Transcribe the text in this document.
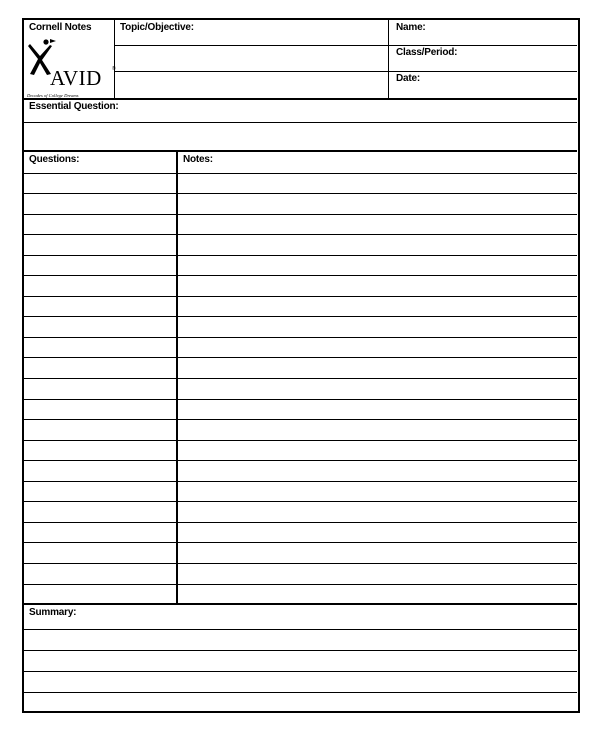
Cornell Notes	Topic/Objective:	Name:
Class/Period:
Date:
AVID ®
Decades of College Dreams
Essential Question:
Questions:	Notes:
Summary:
